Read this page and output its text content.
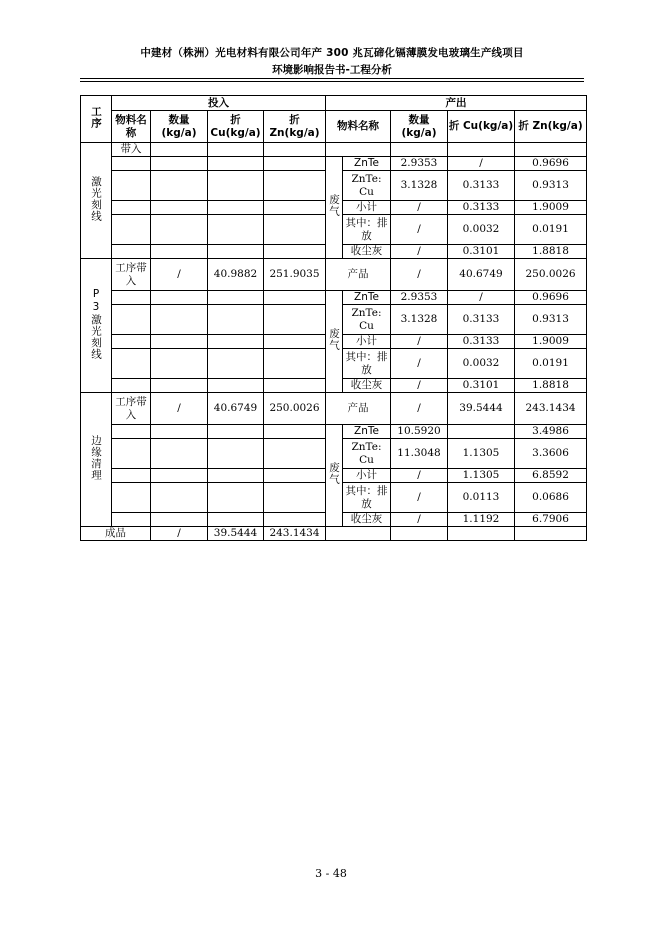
中建材（株洲）光电材料有限公司年产 300 兆瓦碲化镉薄膜发电玻璃生产线项目
环境影响报告书-工程分析
工序	投入				产出				
	物料名称	数量(kg/a)	折 Cu(kg/a)	折 Zn(kg/a)	物料名称		数量(kg/a)	折 Cu(kg/a)	折 Zn(kg/a)
激光刻线	带入								
					废气	ZnTe	2.9353	/	0.9696
						ZnTe: Cu	3.1328	0.3133	0.9313

						小计	/	0.3133	1.9009
						其中：排放	/	0.0032	0.0191

						收尘灰	/	0.3101	1.8818
P3激光刻线	工序带入	/	40.9882	251.9035	产品		/	40.6749	250.0026
					废气	ZnTe	2.9353	/	0.9696
						ZnTe: Cu	3.1328	0.3133	0.9313

						小计	/	0.3133	1.9009
						其中：排放	/	0.0032	0.0191

						收尘灰	/	0.3101	1.8818
边缘清理	工序带入	/	40.6749	250.0026	产品		/	39.5444	243.1434
					废气	ZnTe	10.5920		3.4986
						ZnTe: Cu	11.3048	1.1305	3.3606

						小计	/	1.1305	6.8592
						其中：排放	/	0.0113	0.0686

						收尘灰	/	1.1192	6.7906
成品		/	39.5444	243.1434					
3 - 48
